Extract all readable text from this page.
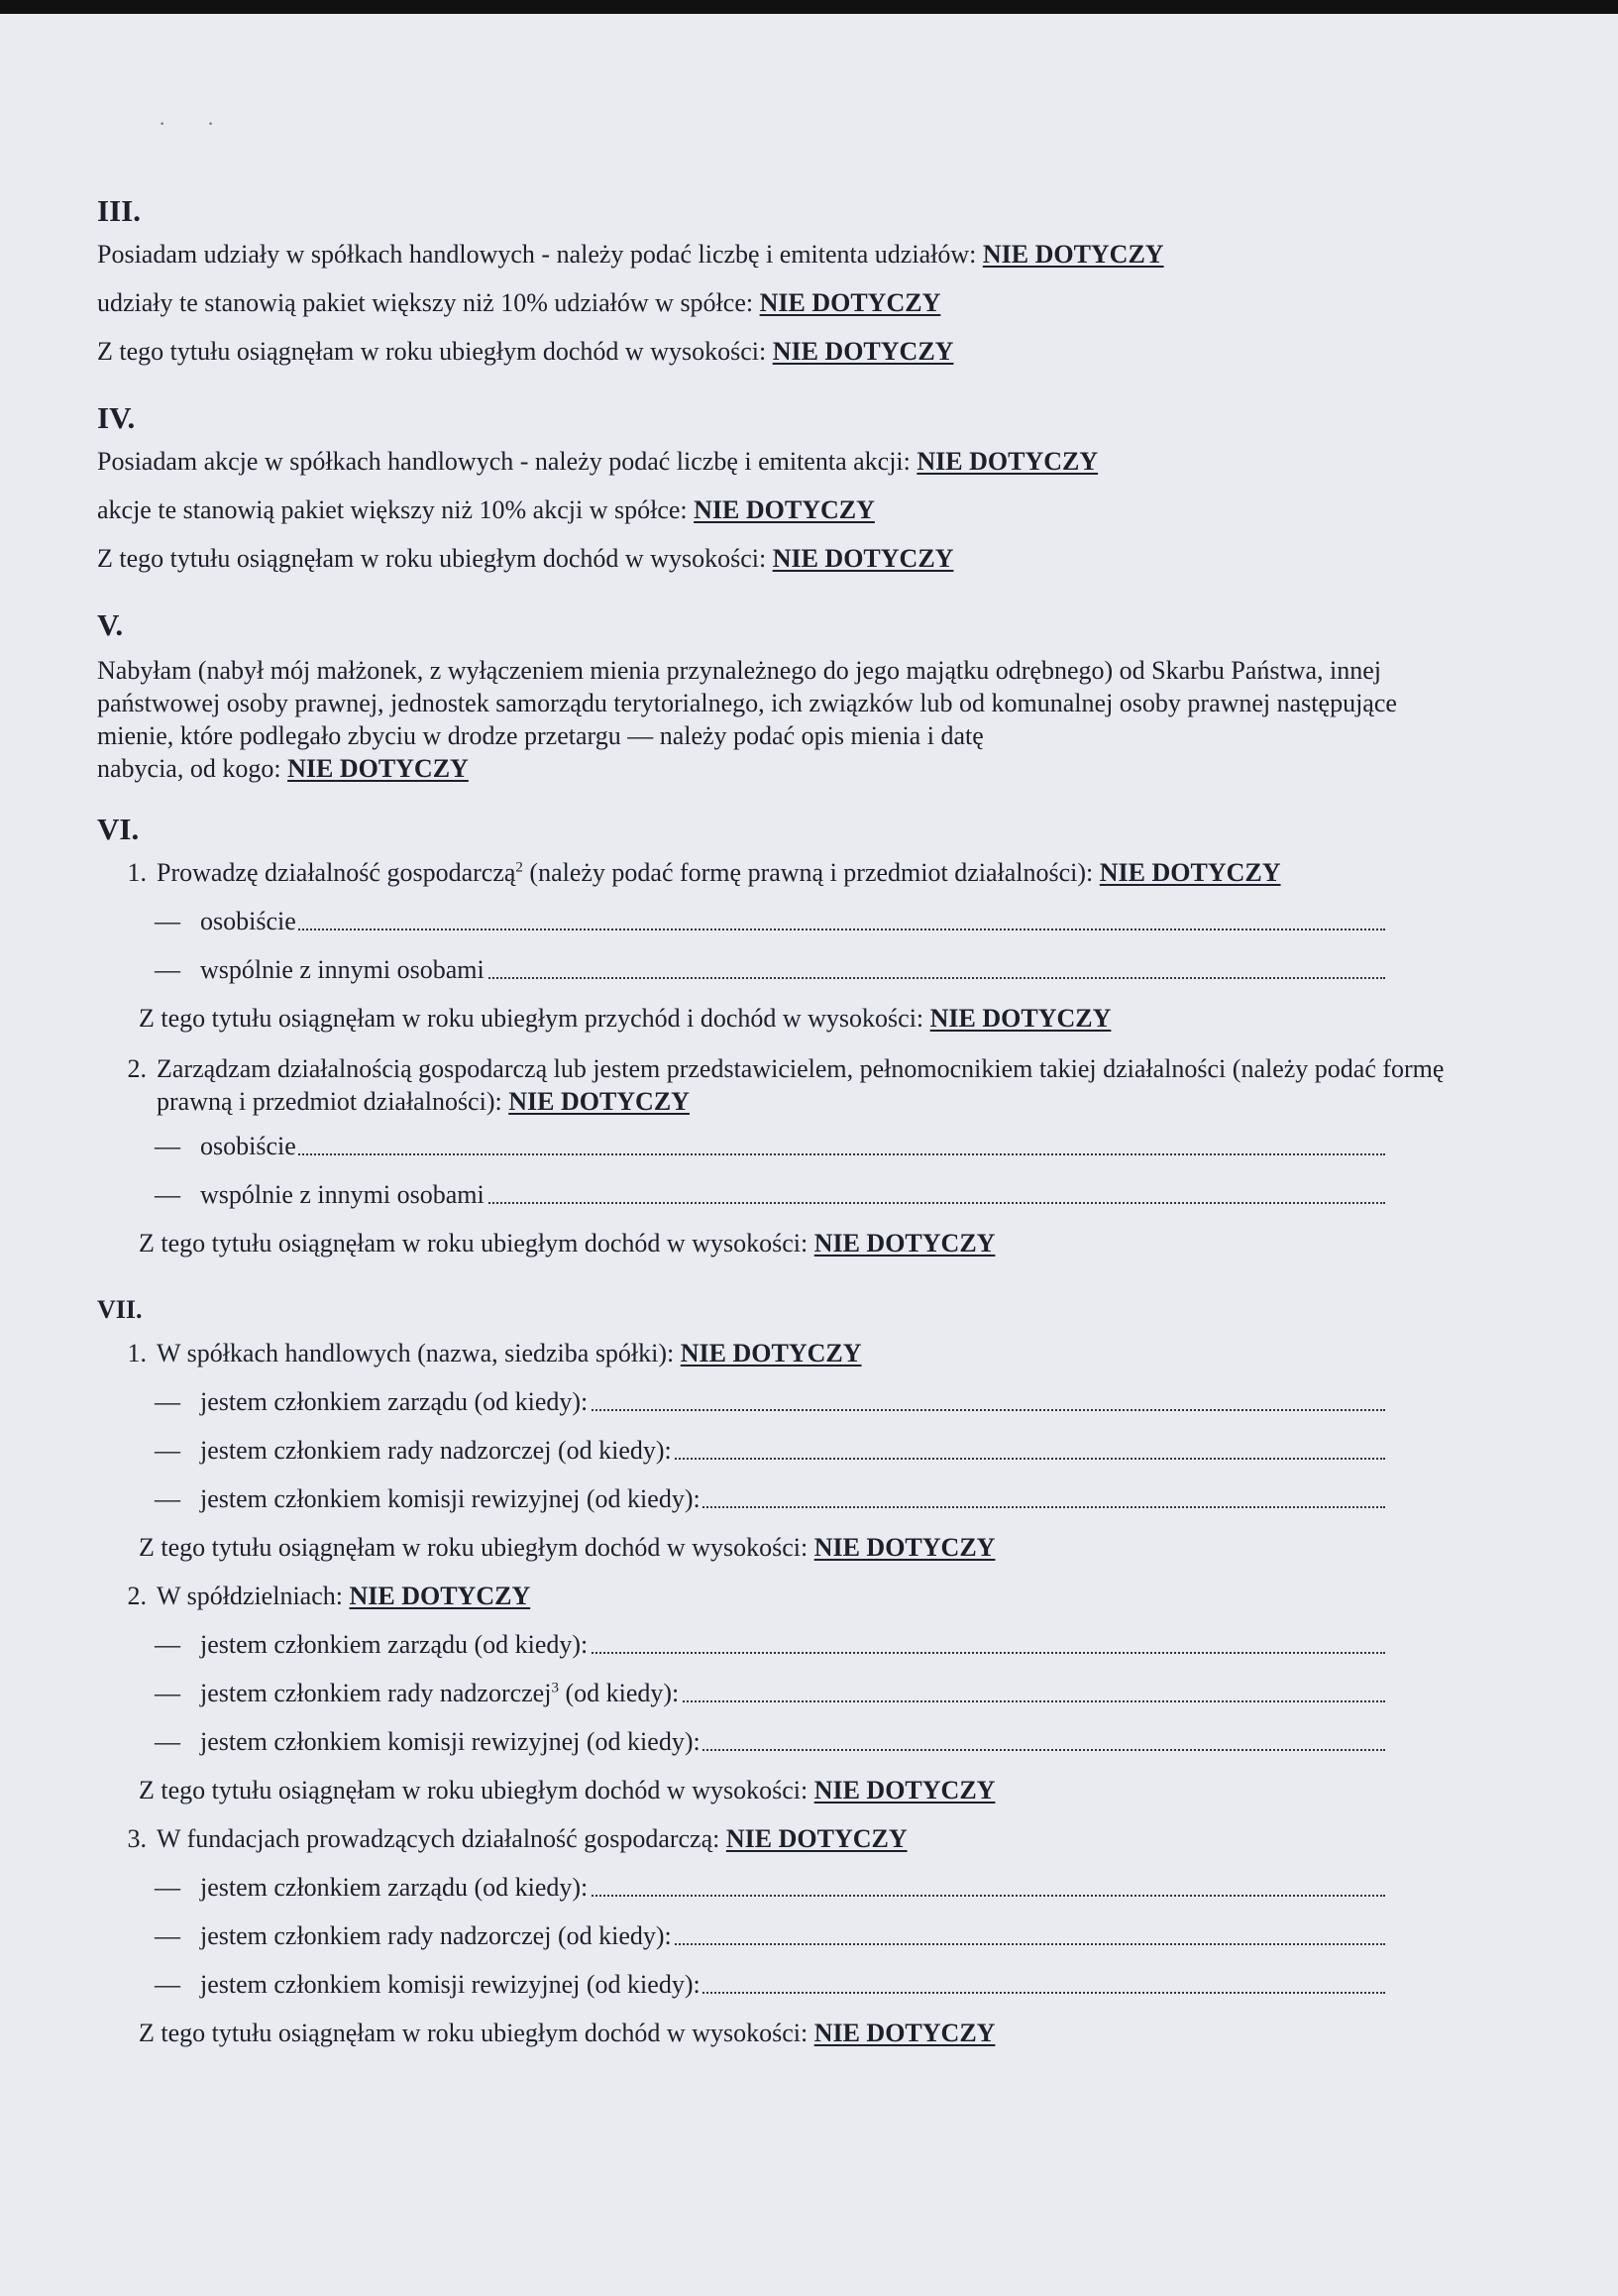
· ·
III.
Posiadam udziały w spółkach handlowych - należy podać liczbę i emitenta udziałów: NIE DOTYCZY
udziały te stanowią pakiet większy niż 10% udziałów w spółce: NIE DOTYCZY
Z tego tytułu osiągnęłam w roku ubiegłym dochód w wysokości: NIE DOTYCZY
IV.
Posiadam akcje w spółkach handlowych - należy podać liczbę i emitenta akcji: NIE DOTYCZY
akcje te stanowią pakiet większy niż 10% akcji w spółce: NIE DOTYCZY
Z tego tytułu osiągnęłam w roku ubiegłym dochód w wysokości: NIE DOTYCZY
V.
Nabyłam (nabył mój małżonek, z wyłączeniem mienia przynależnego do jego majątku odrębnego) od Skarbu Państwa, innej
państwowej osoby prawnej, jednostek samorządu terytorialnego, ich związków lub od komunalnej osoby prawnej następujące
mienie, które podlegało zbyciu w drodze przetargu — należy podać opis mienia i datę
nabycia, od kogo: NIE DOTYCZY
VI.
1. Prowadzę działalność gospodarczą$^2$ (należy podać formę prawną i przedmiot działalności): NIE DOTYCZY
— osobiście
— wspólnie z innymi osobami
Z tego tytułu osiągnęłam w roku ubiegłym przychód i dochód w wysokości: NIE DOTYCZY
2. Zarządzam działalnością gospodarczą lub jestem przedstawicielem, pełnomocnikiem takiej działalności (należy podać formę
prawną i przedmiot działalności): NIE DOTYCZY
— osobiście
— wspólnie z innymi osobami
Z tego tytułu osiągnęłam w roku ubiegłym dochód w wysokości: NIE DOTYCZY
VII.
1. W spółkach handlowych (nazwa, siedziba spółki): NIE DOTYCZY
— jestem członkiem zarządu (od kiedy):
— jestem członkiem rady nadzorczej (od kiedy):
— jestem członkiem komisji rewizyjnej (od kiedy):
Z tego tytułu osiągnęłam w roku ubiegłym dochód w wysokości: NIE DOTYCZY
2. W spółdzielniach: NIE DOTYCZY
— jestem członkiem zarządu (od kiedy):
— jestem członkiem rady nadzorczej$^3$ (od kiedy):
— jestem członkiem komisji rewizyjnej (od kiedy):
Z tego tytułu osiągnęłam w roku ubiegłym dochód w wysokości: NIE DOTYCZY
3. W fundacjach prowadzących działalność gospodarczą: NIE DOTYCZY
— jestem członkiem zarządu (od kiedy):
— jestem członkiem rady nadzorczej (od kiedy):
— jestem członkiem komisji rewizyjnej (od kiedy):
Z tego tytułu osiągnęłam w roku ubiegłym dochód w wysokości: NIE DOTYCZY
